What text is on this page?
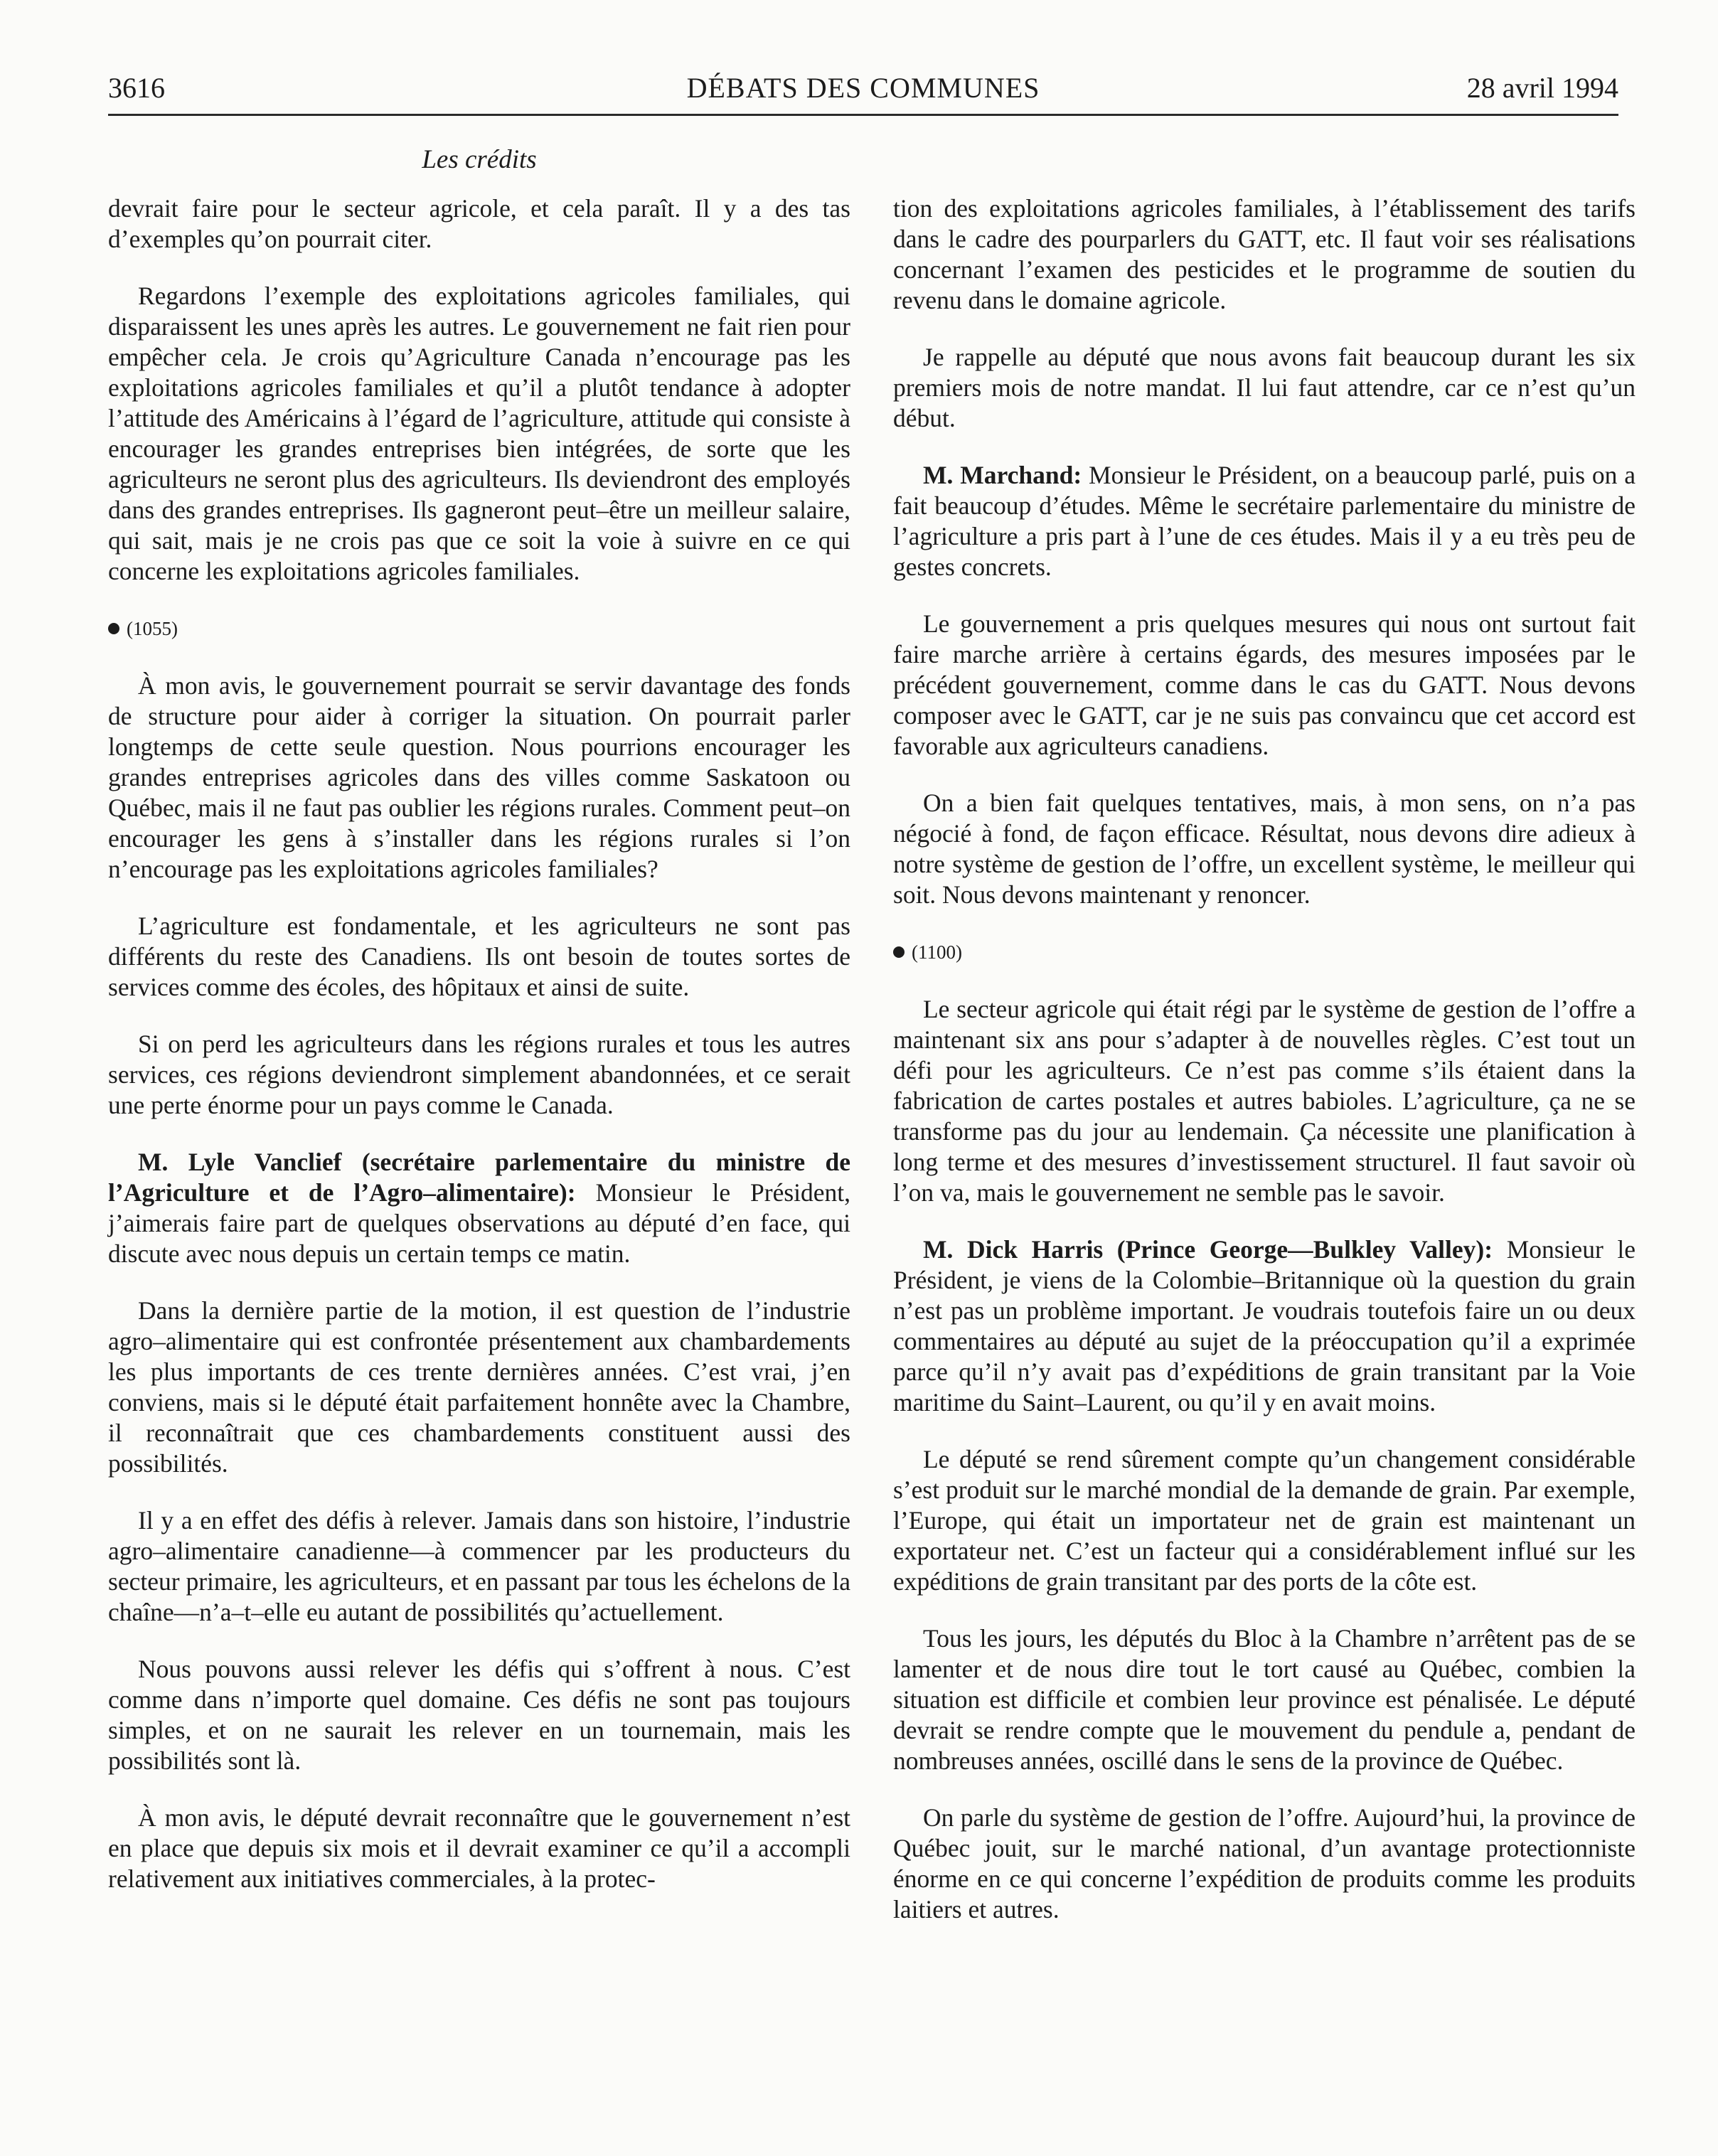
3616	DÉBATS DES COMMUNES	28 avril 1994
Les crédits

devrait faire pour le secteur agricole, et cela paraît. Il y a des tas d’exemples qu’on pourrait citer.

Regardons l’exemple des exploitations agricoles familiales, qui disparaissent les unes après les autres. Le gouvernement ne fait rien pour empêcher cela. Je crois qu’Agriculture Canada n’encourage pas les exploitations agricoles familiales et qu’il a plutôt tendance à adopter l’attitude des Américains à l’égard de l’agriculture, attitude qui consiste à encourager les grandes entreprises bien intégrées, de sorte que les agriculteurs ne seront plus des agriculteurs. Ils deviendront des employés dans des grandes entreprises. Ils gagneront peut–être un meilleur salaire, qui sait, mais je ne crois pas que ce soit la voie à suivre en ce qui concerne les exploitations agricoles familiales.

(1055)

À mon avis, le gouvernement pourrait se servir davantage des fonds de structure pour aider à corriger la situation. On pourrait parler longtemps de cette seule question. Nous pourrions encourager les grandes entreprises agricoles dans des villes comme Saskatoon ou Québec, mais il ne faut pas oublier les régions rurales. Comment peut–on encourager les gens à s’installer dans les régions rurales si l’on n’encourage pas les exploitations agricoles familiales?

L’agriculture est fondamentale, et les agriculteurs ne sont pas différents du reste des Canadiens. Ils ont besoin de toutes sortes de services comme des écoles, des hôpitaux et ainsi de suite.

Si on perd les agriculteurs dans les régions rurales et tous les autres services, ces régions deviendront simplement abandonnées, et ce serait une perte énorme pour un pays comme le Canada.

M. Lyle Vanclief (secrétaire parlementaire du ministre de l’Agriculture et de l’Agro–alimentaire): Monsieur le Président, j’aimerais faire part de quelques observations au député d’en face, qui discute avec nous depuis un certain temps ce matin.

Dans la dernière partie de la motion, il est question de l’industrie agro–alimentaire qui est confrontée présentement aux chambardements les plus importants de ces trente dernières années. C’est vrai, j’en conviens, mais si le député était parfaitement honnête avec la Chambre, il reconnaîtrait que ces chambardements constituent aussi des possibilités.

Il y a en effet des défis à relever. Jamais dans son histoire, l’industrie agro–alimentaire canadienne—à commencer par les producteurs du secteur primaire, les agriculteurs, et en passant par tous les échelons de la chaîne—n’a–t–elle eu autant de possibilités qu’actuellement.

Nous pouvons aussi relever les défis qui s’offrent à nous. C’est comme dans n’importe quel domaine. Ces défis ne sont pas toujours simples, et on ne saurait les relever en un tournemain, mais les possibilités sont là.

À mon avis, le député devrait reconnaître que le gouvernement n’est en place que depuis six mois et il devrait examiner ce qu’il a accompli relativement aux initiatives commerciales, à la protec-

tion des exploitations agricoles familiales, à l’établissement des tarifs dans le cadre des pourparlers du GATT, etc. Il faut voir ses réalisations concernant l’examen des pesticides et le programme de soutien du revenu dans le domaine agricole.

Je rappelle au député que nous avons fait beaucoup durant les six premiers mois de notre mandat. Il lui faut attendre, car ce n’est qu’un début.

M. Marchand: Monsieur le Président, on a beaucoup parlé, puis on a fait beaucoup d’études. Même le secrétaire parlementaire du ministre de l’agriculture a pris part à l’une de ces études. Mais il y a eu très peu de gestes concrets.

Le gouvernement a pris quelques mesures qui nous ont surtout fait faire marche arrière à certains égards, des mesures imposées par le précédent gouvernement, comme dans le cas du GATT. Nous devons composer avec le GATT, car je ne suis pas convaincu que cet accord est favorable aux agriculteurs canadiens.

On a bien fait quelques tentatives, mais, à mon sens, on n’a pas négocié à fond, de façon efficace. Résultat, nous devons dire adieux à notre système de gestion de l’offre, un excellent système, le meilleur qui soit. Nous devons maintenant y renoncer.

(1100)

Le secteur agricole qui était régi par le système de gestion de l’offre a maintenant six ans pour s’adapter à de nouvelles règles. C’est tout un défi pour les agriculteurs. Ce n’est pas comme s’ils étaient dans la fabrication de cartes postales et autres babioles. L’agriculture, ça ne se transforme pas du jour au lendemain. Ça nécessite une planification à long terme et des mesures d’investissement structurel. Il faut savoir où l’on va, mais le gouvernement ne semble pas le savoir.

M. Dick Harris (Prince George—Bulkley Valley): Monsieur le Président, je viens de la Colombie–Britannique où la question du grain n’est pas un problème important. Je voudrais toutefois faire un ou deux commentaires au député au sujet de la préoccupation qu’il a exprimée parce qu’il n’y avait pas d’expéditions de grain transitant par la Voie maritime du Saint–Laurent, ou qu’il y en avait moins.

Le député se rend sûrement compte qu’un changement considérable s’est produit sur le marché mondial de la demande de grain. Par exemple, l’Europe, qui était un importateur net de grain est maintenant un exportateur net. C’est un facteur qui a considérablement influé sur les expéditions de grain transitant par des ports de la côte est.

Tous les jours, les députés du Bloc à la Chambre n’arrêtent pas de se lamenter et de nous dire tout le tort causé au Québec, combien la situation est difficile et combien leur province est pénalisée. Le député devrait se rendre compte que le mouvement du pendule a, pendant de nombreuses années, oscillé dans le sens de la province de Québec.

On parle du système de gestion de l’offre. Aujourd’hui, la province de Québec jouit, sur le marché national, d’un avantage protectionniste énorme en ce qui concerne l’expédition de produits comme les produits laitiers et autres.
